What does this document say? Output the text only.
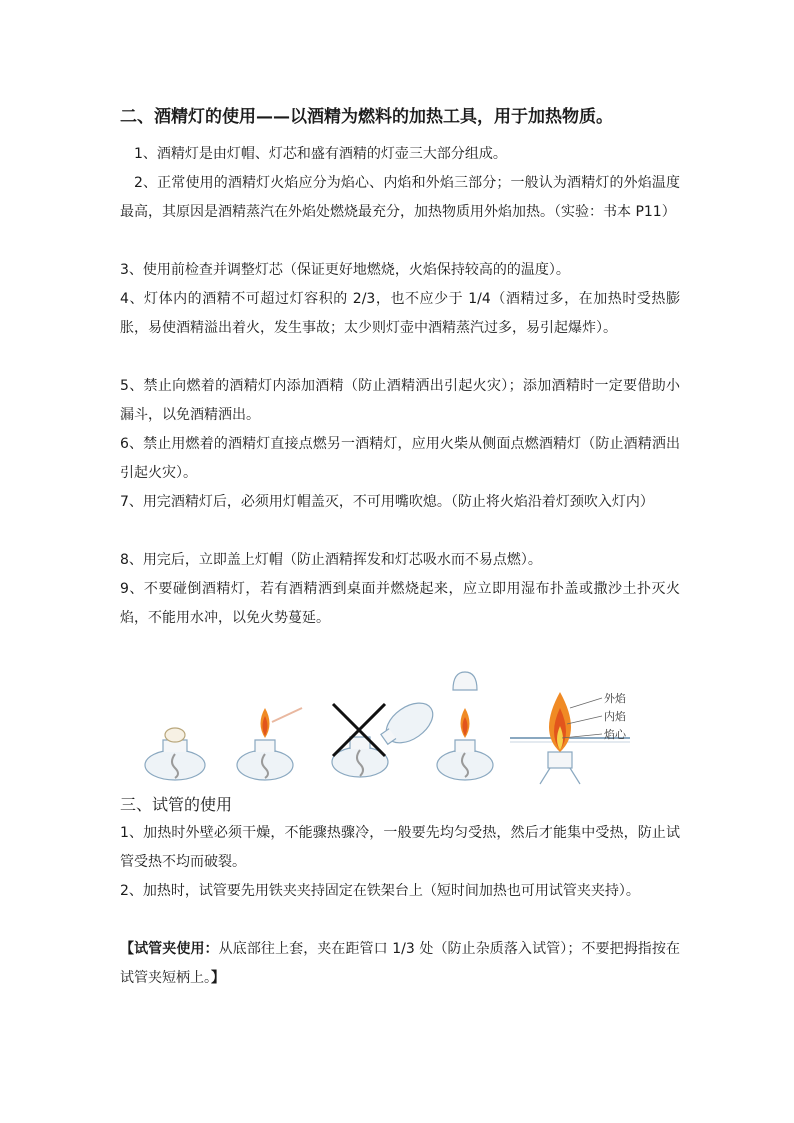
二、酒精灯的使用——以酒精为燃料的加热工具，用于加热物质。
1、酒精灯是由灯帽、灯芯和盛有酒精的灯壶三大部分组成。
2、正常使用的酒精灯火焰应分为焰心、内焰和外焰三部分；一般认为酒精灯的外焰温度最高，其原因是酒精蒸汽在外焰处燃烧最充分，加热物质用外焰加热。（实验：书本 P11）
3、使用前检查并调整灯芯（保证更好地燃烧，火焰保持较高的的温度）。
4、灯体内的酒精不可超过灯容积的 2/3，也不应少于 1/4（酒精过多，在加热时受热膨胀，易使酒精溢出着火，发生事故；太少则灯壶中酒精蒸汽过多，易引起爆炸）。
5、禁止向燃着的酒精灯内添加酒精（防止酒精洒出引起火灾）；添加酒精时一定要借助小漏斗，以免酒精洒出。
6、禁止用燃着的酒精灯直接点燃另一酒精灯，应用火柴从侧面点燃酒精灯（防止酒精洒出引起火灾）。
7、用完酒精灯后，必须用灯帽盖灭，不可用嘴吹熄。（防止将火焰沿着灯颈吹入灯内）
8、用完后，立即盖上灯帽（防止酒精挥发和灯芯吸水而不易点燃）。
9、不要碰倒酒精灯，若有酒精洒到桌面并燃烧起来，应立即用湿布扑盖或撒沙土扑灭火焰，不能用水冲，以免火势蔓延。
外焰
内焰
焰心
三、试管的使用
1、加热时外壁必须干燥，不能骤热骤冷，一般要先均匀受热，然后才能集中受热，防止试管受热不均而破裂。
2、加热时，试管要先用铁夹夹持固定在铁架台上（短时间加热也可用试管夹夹持）。
【试管夹使用：从底部往上套，夹在距管口 1/3 处（防止杂质落入试管）；不要把拇指按在试管夹短柄上。】
